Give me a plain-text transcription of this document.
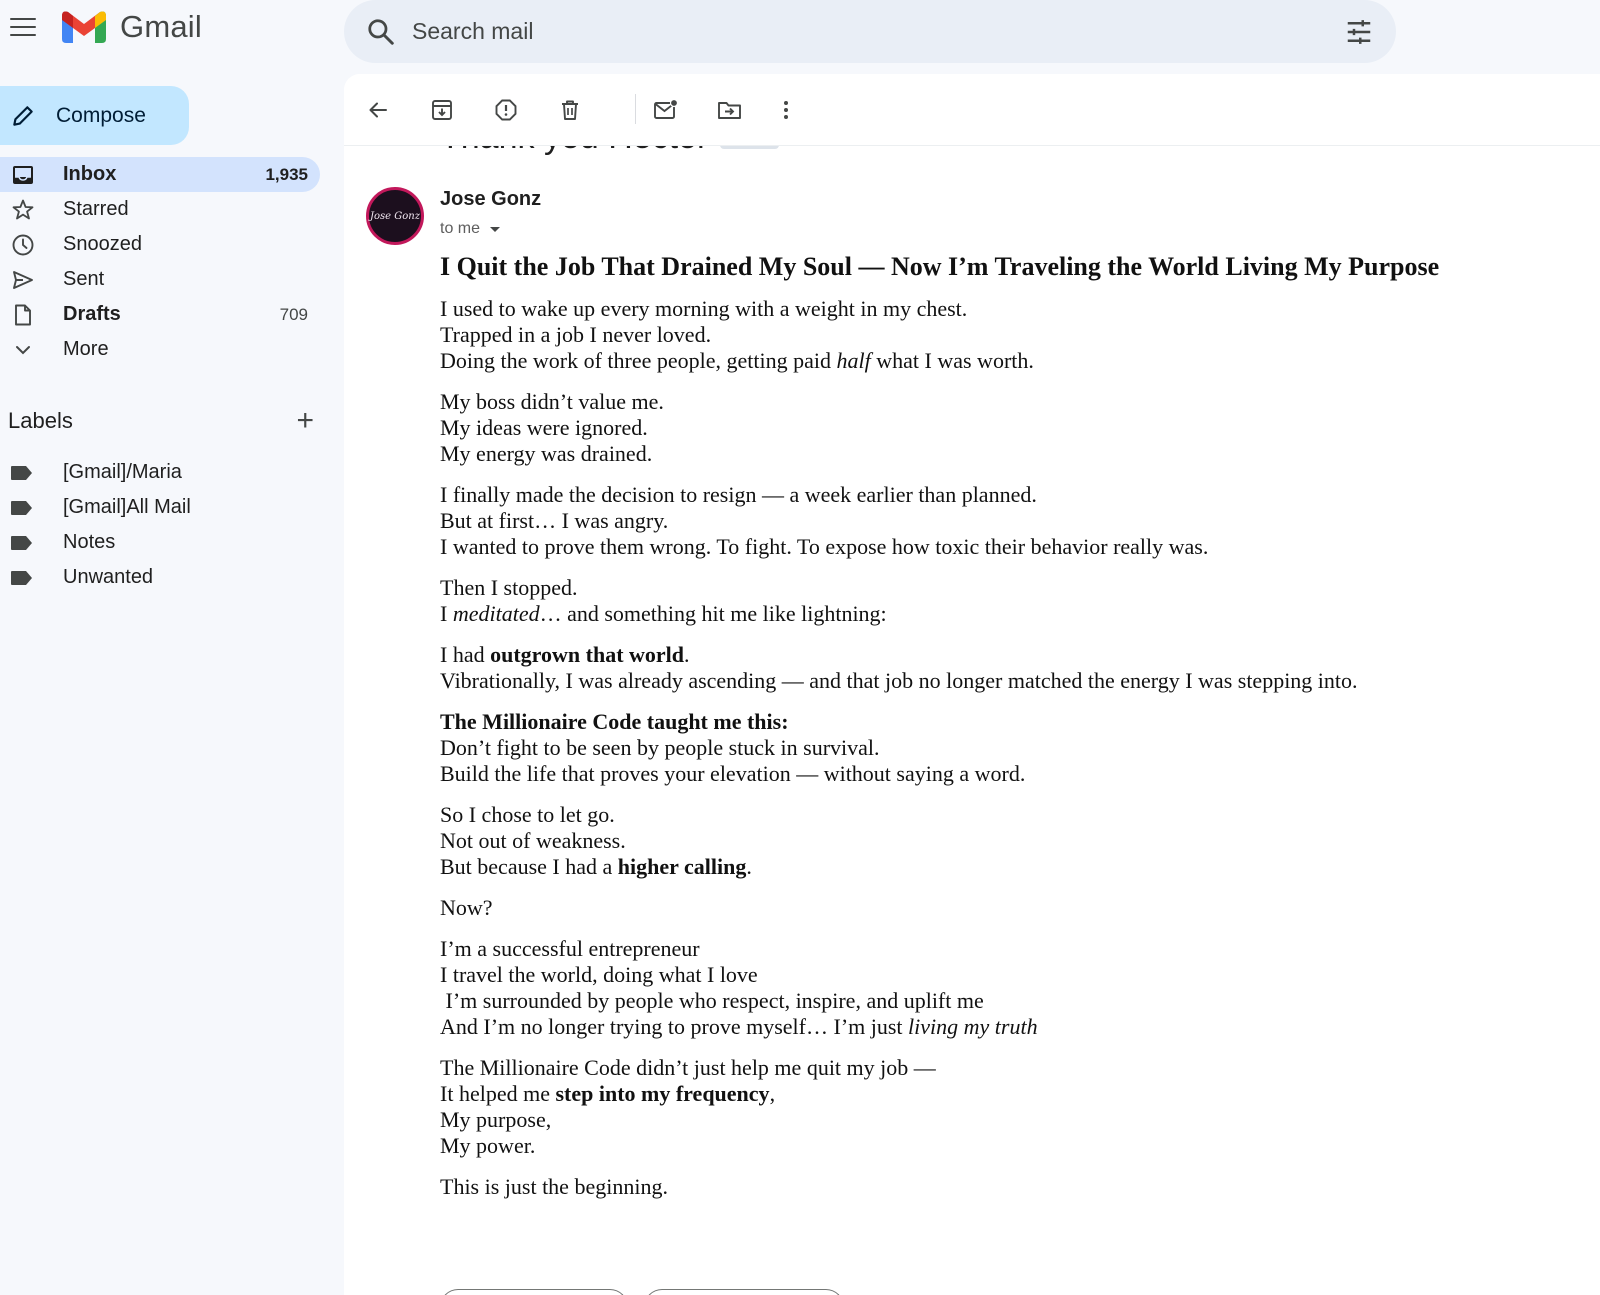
Gmail
Search mail
Compose
Inbox	1,935
Starred
Snoozed
Sent
Drafts	709
More
Labels	+
[Gmail]/Maria
[Gmail]All Mail
Notes
Unwanted
Jose Gonz
Jose Gonz
to me
I Quit the Job That Drained My Soul — Now I’m Traveling the World Living My Purpose

I used to wake up every morning with a weight in my chest.
Trapped in a job I never loved.
Doing the work of three people, getting paid half what I was worth.

My boss didn’t value me.
My ideas were ignored.
My energy was drained.

I finally made the decision to resign — a week earlier than planned.
But at first… I was angry.
I wanted to prove them wrong. To fight. To expose how toxic their behavior really was.

Then I stopped.
I meditated… and something hit me like lightning:

I had outgrown that world.
Vibrationally, I was already ascending — and that job no longer matched the energy I was stepping into.

The Millionaire Code taught me this:
Don’t fight to be seen by people stuck in survival.
Build the life that proves your elevation — without saying a word.

So I chose to let go.
Not out of weakness.
But because I had a higher calling.

Now?

I’m a successful entrepreneur
I travel the world, doing what I love
I’m surrounded by people who respect, inspire, and uplift me
And I’m no longer trying to prove myself… I’m just living my truth

The Millionaire Code didn’t just help me quit my job —
It helped me step into my frequency,
My purpose,
My power.

This is just the beginning.
